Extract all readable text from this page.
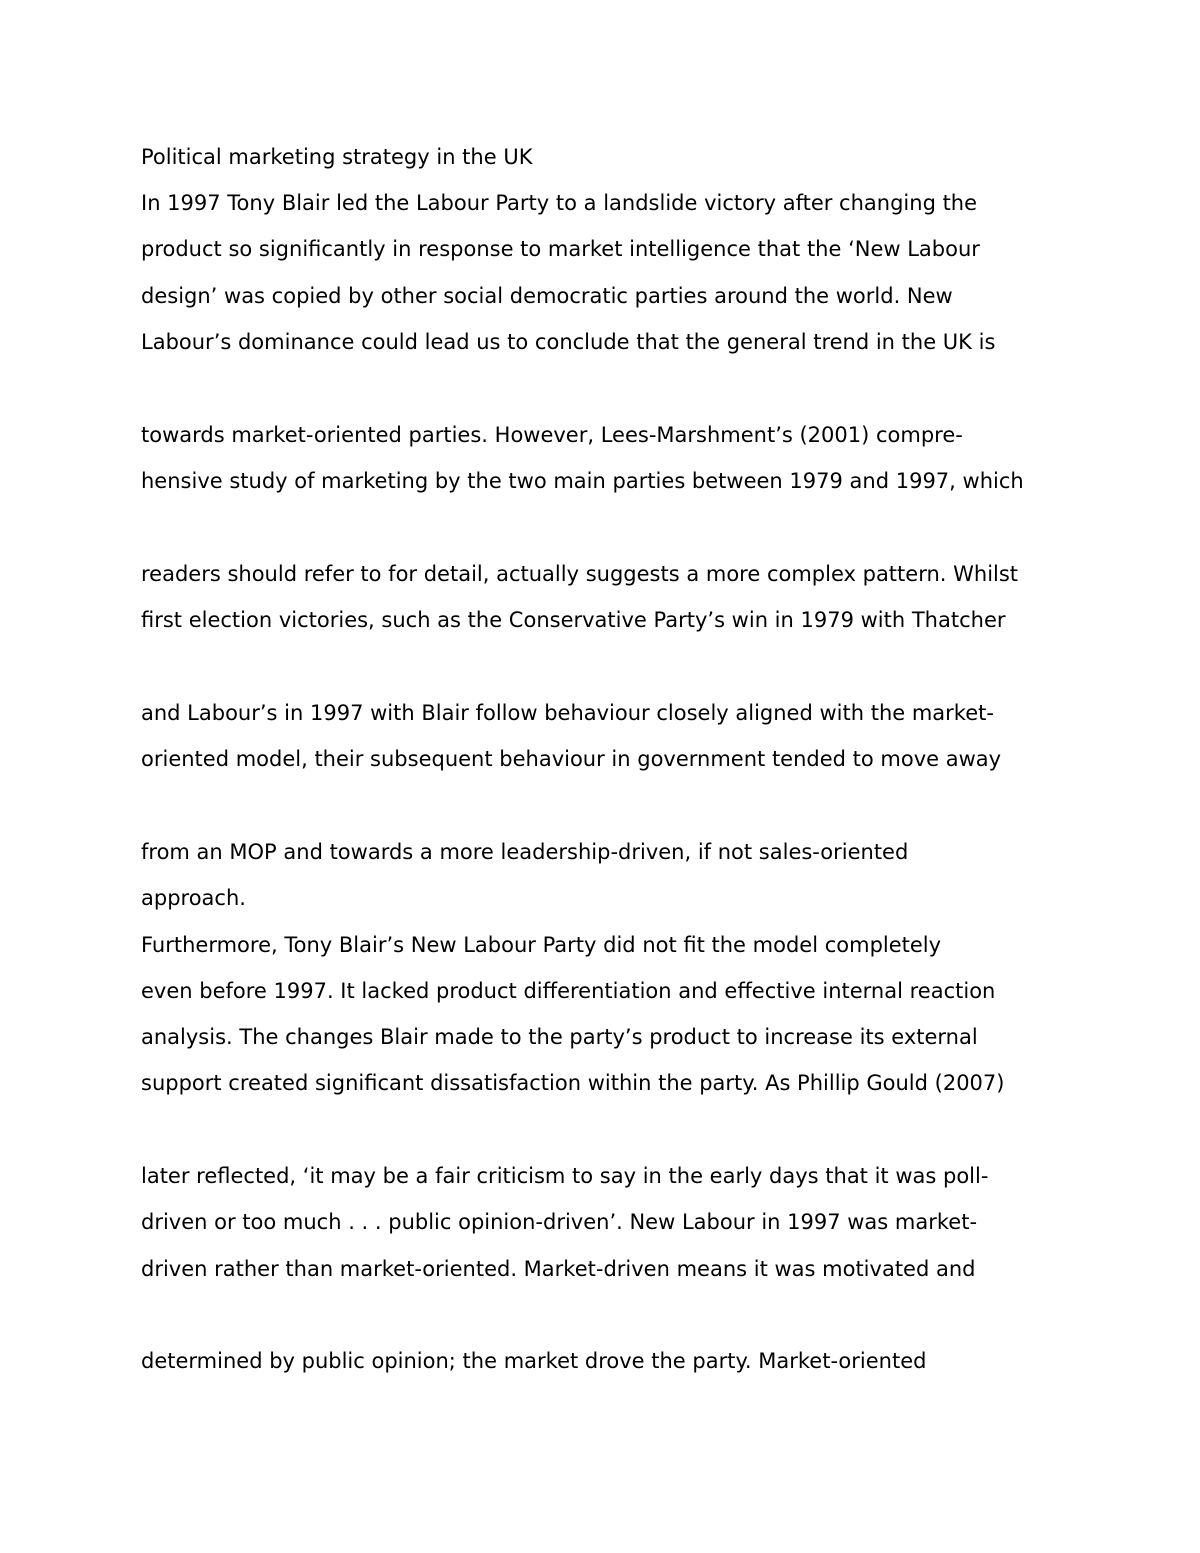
Political marketing strategy in the UK

In 1997 Tony Blair led the Labour Party to a landslide victory after changing the

product so significantly in response to market intelligence that the ‘New Labour

design’ was copied by other social democratic parties around the world. New

Labour’s dominance could lead us to conclude that the general trend in the UK is

towards market-oriented parties. However, Lees-Marshment’s (2001) compre-

hensive study of marketing by the two main parties between 1979 and 1997, which

readers should refer to for detail, actually suggests a more complex pattern. Whilst

first election victories, such as the Conservative Party’s win in 1979 with Thatcher

and Labour’s in 1997 with Blair follow behaviour closely aligned with the market-

oriented model, their subsequent behaviour in government tended to move away

from an MOP and towards a more leadership-driven, if not sales-oriented

approach.

Furthermore, Tony Blair’s New Labour Party did not fit the model completely

even before 1997. It lacked product differentiation and effective internal reaction

analysis. The changes Blair made to the party’s product to increase its external

support created significant dissatisfaction within the party. As Phillip Gould (2007)

later reflected, ‘it may be a fair criticism to say in the early days that it was poll-

driven or too much . . . public opinion-driven’. New Labour in 1997 was market-

driven rather than market-oriented. Market-driven means it was motivated and

determined by public opinion; the market drove the party. Market-oriented
